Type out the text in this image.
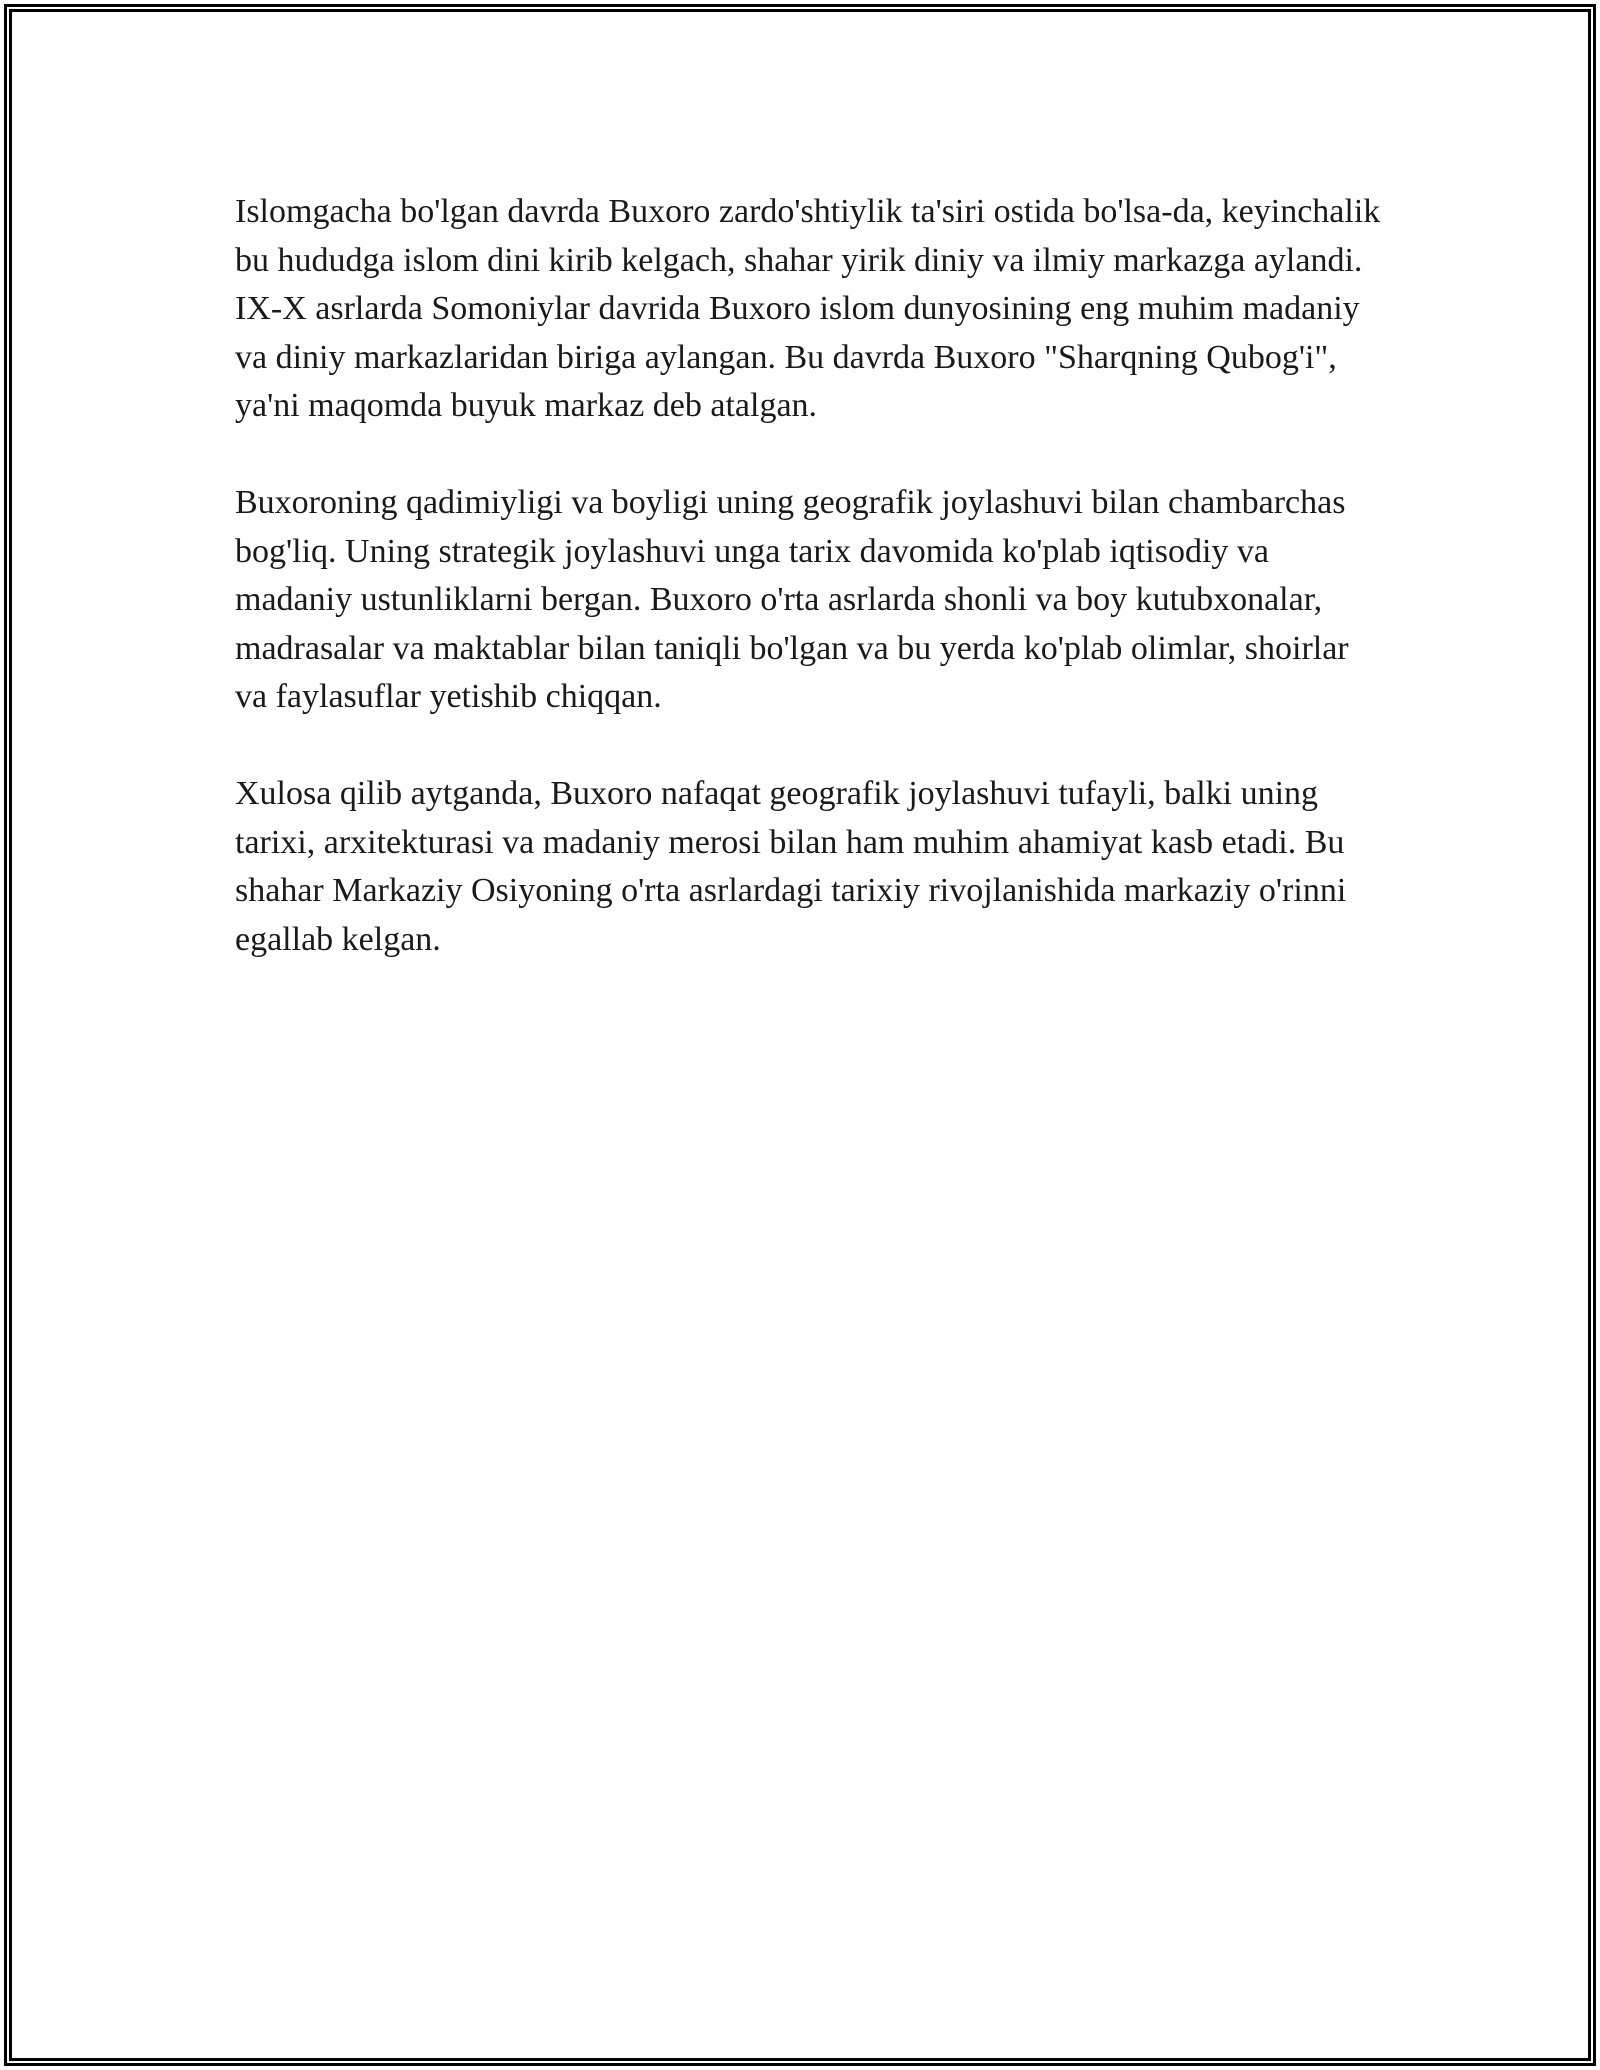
Islomgacha bo'lgan davrda Buxoro zardo'shtiylik ta'siri ostida bo'lsa-da, keyinchalik bu hududga islom dini kirib kelgach, shahar yirik diniy va ilmiy markazga aylandi. IX-X asrlarda Somoniylar davrida Buxoro islom dunyosining eng muhim madaniy va diniy markazlaridan biriga aylangan. Bu davrda Buxoro "Sharqning Qubog'i", ya'ni maqomda buyuk markaz deb atalgan.

Buxoroning qadimiyligi va boyligi uning geografik joylashuvi bilan chambarchas bog'liq. Uning strategik joylashuvi unga tarix davomida ko'plab iqtisodiy va madaniy ustunliklarni bergan. Buxoro o'rta asrlarda shonli va boy kutubxonalar, madrasalar va maktablar bilan taniqli bo'lgan va bu yerda ko'plab olimlar, shoirlar va faylasuflar yetishib chiqqan.

Xulosa qilib aytganda, Buxoro nafaqat geografik joylashuvi tufayli, balki uning tarixi, arxitekturasi va madaniy merosi bilan ham muhim ahamiyat kasb etadi. Bu shahar Markaziy Osiyoning o'rta asrlardagi tarixiy rivojlanishida markaziy o'rinni egallab kelgan.
